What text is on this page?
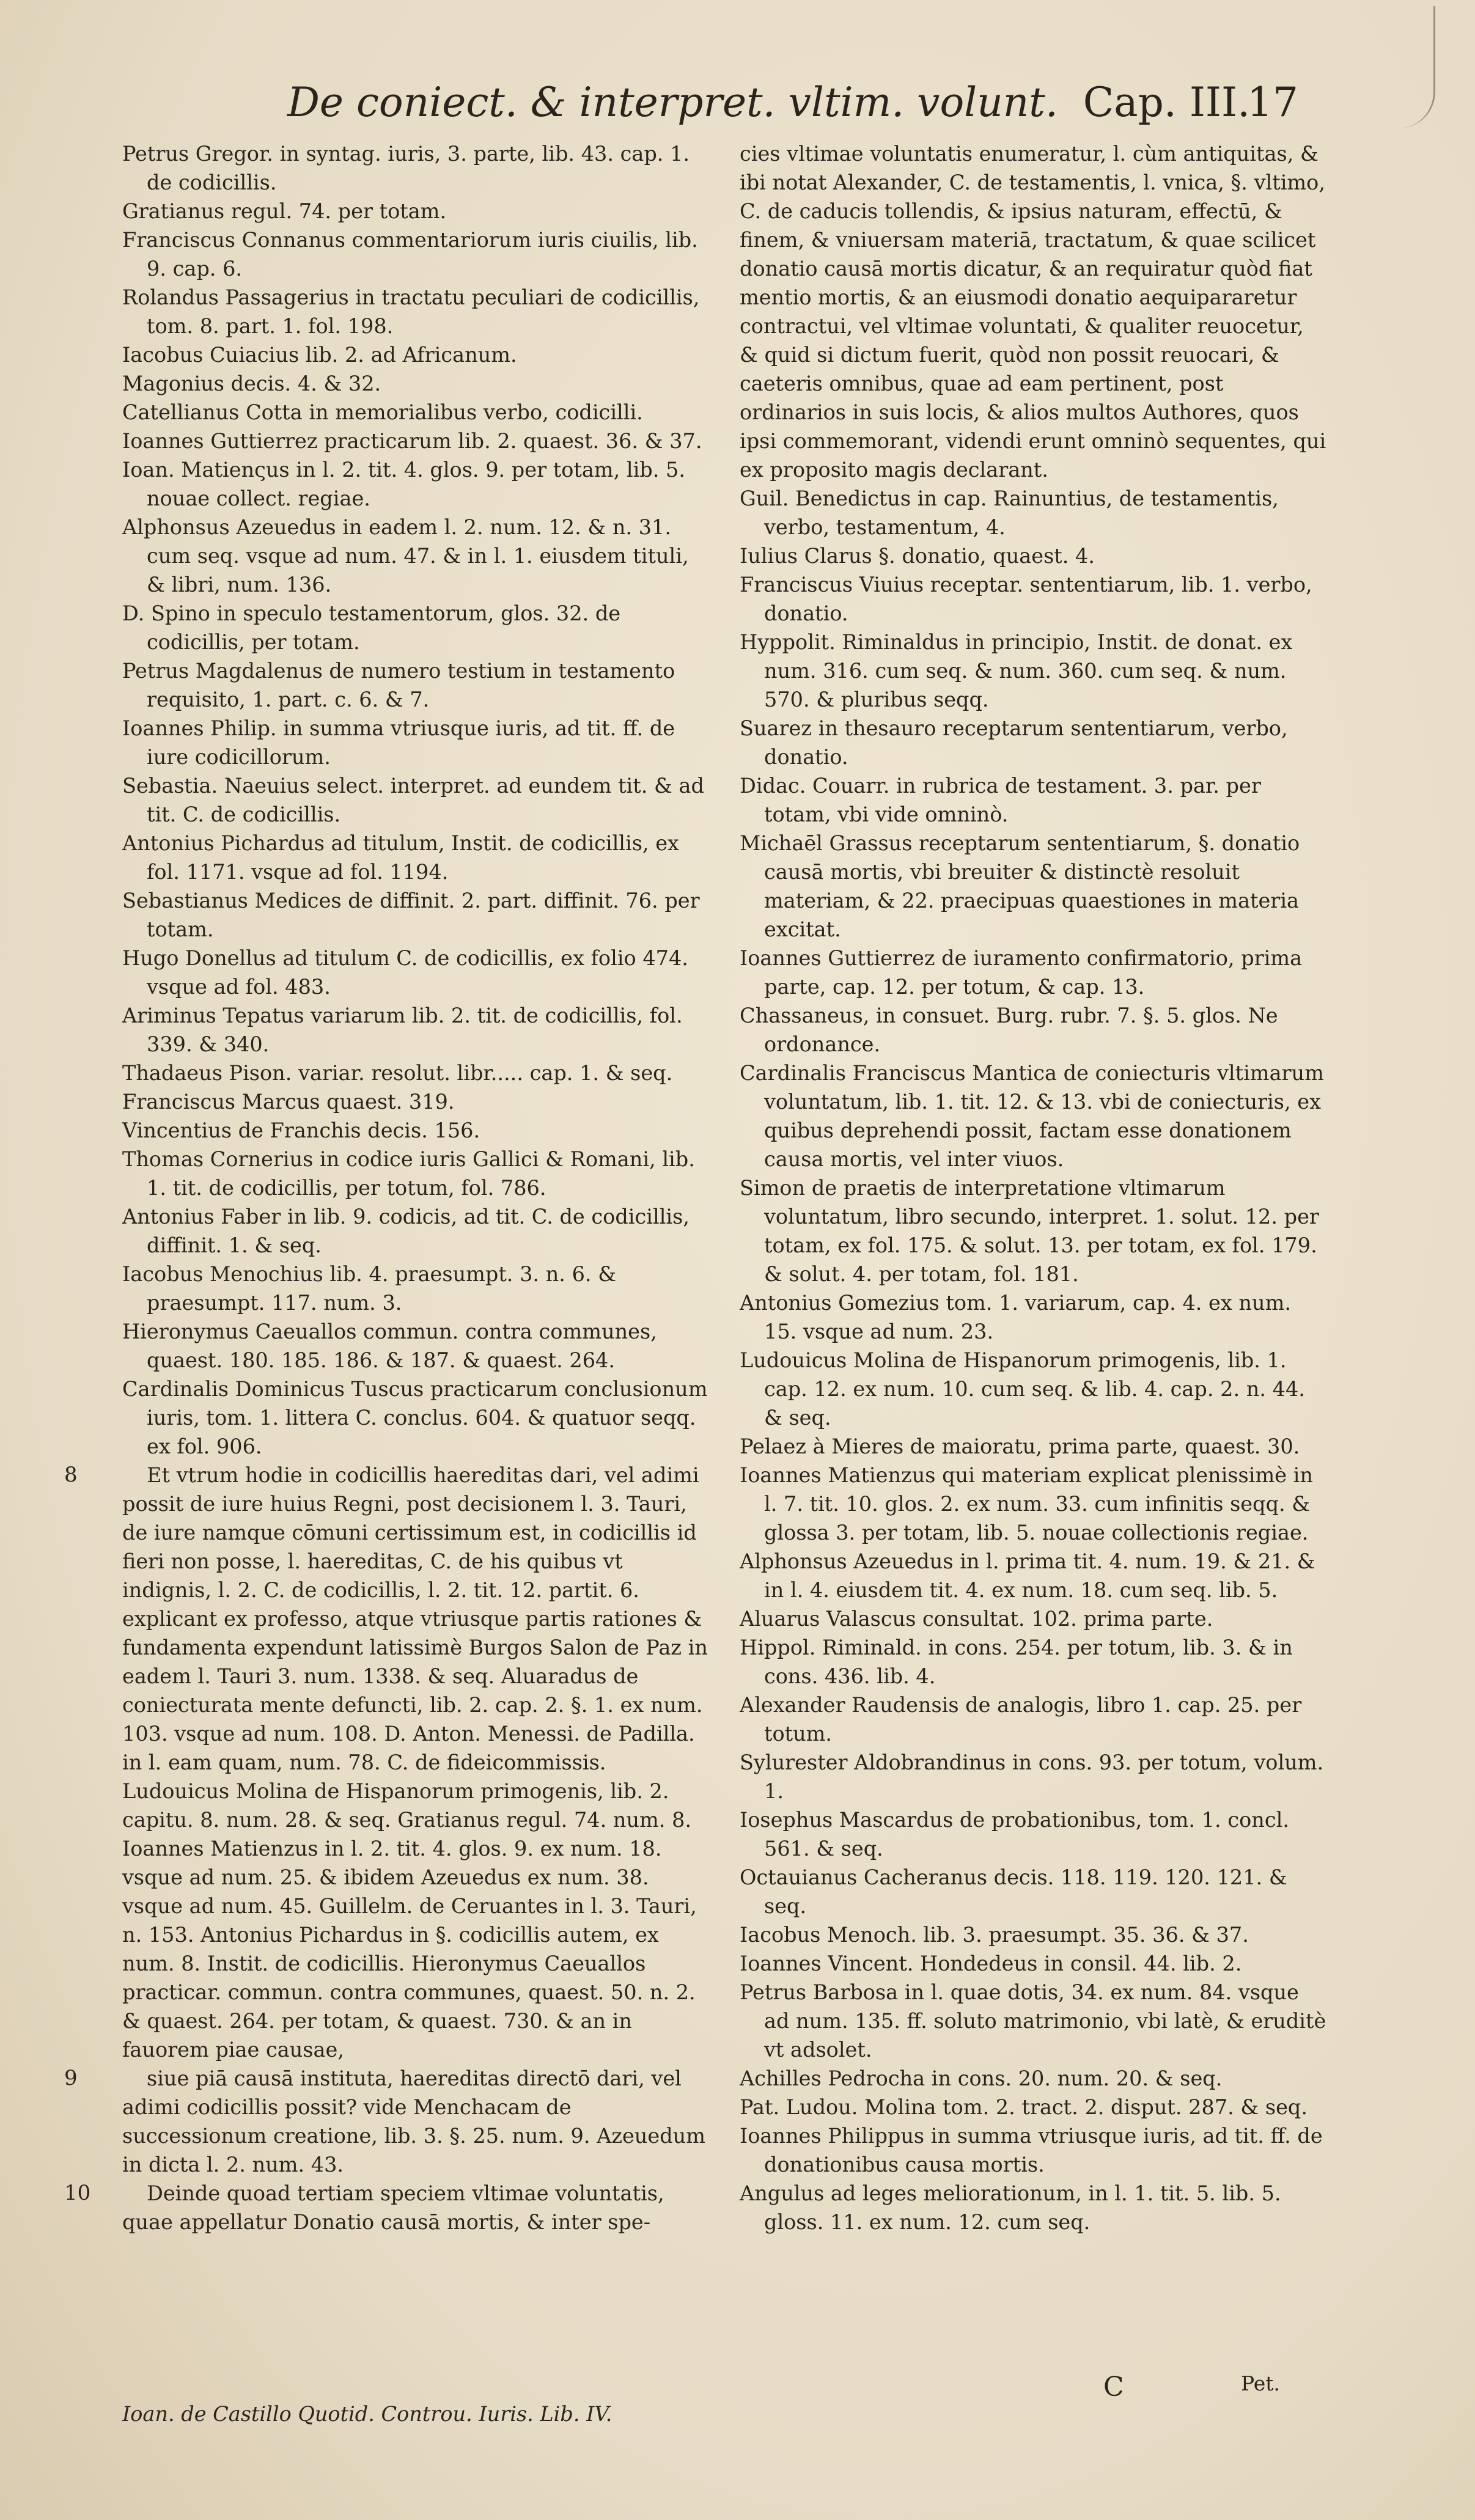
De coniect. & interpret. vltim. volunt. Cap. III.
17

Petrus Gregor. in syntag. iuris, 3. parte, lib. 43. cap. 1. de codicillis.

Gratianus regul. 74. per totam.

Franciscus Connanus commentariorum iuris ciuilis, lib. 9. cap. 6.

Rolandus Passagerius in tractatu peculiari de codicillis, tom. 8. part. 1. fol. 198.

Iacobus Cuiacius lib. 2. ad Africanum.

Magonius decis. 4. & 32.

Catellianus Cotta in memorialibus verbo, codicilli.

Ioannes Guttierrez practicarum lib. 2. quaest. 36. & 37.

Ioan. Matienςus in l. 2. tit. 4. glos. 9. per totam, lib. 5. nouae collect. regiae.

Alphonsus Azeuedus in eadem l. 2. num. 12. & n. 31. cum seq. vsque ad num. 47. & in l. 1. eiusdem tituli, & libri, num. 136.

D. Spino in speculo testamentorum, glos. 32. de codicillis, per totam.

Petrus Magdalenus de numero testium in testamento requisito, 1. part. c. 6. & 7.

Ioannes Philip. in summa vtriusque iuris, ad tit. ff. de iure codicillorum.

Sebastia. Naeuius select. interpret. ad eundem tit. & ad tit. C. de codicillis.

Antonius Pichardus ad titulum, Instit. de codicillis, ex fol. 1171. vsque ad fol. 1194.

Sebastianus Medices de diffinit. 2. part. diffinit. 76. per totam.

Hugo Donellus ad titulum C. de codicillis, ex folio 474. vsque ad fol. 483.

Ariminus Tepatus variarum lib. 2. tit. de codicillis, fol. 339. & 340.

Thadaeus Pison. variar. resolut. libr..... cap. 1. & seq.

Franciscus Marcus quaest. 319.

Vincentius de Franchis decis. 156.

Thomas Cornerius in codice iuris Gallici & Romani, lib. 1. tit. de codicillis, per totum, fol. 786.

Antonius Faber in lib. 9. codicis, ad tit. C. de codicillis, diffinit. 1. & seq.

Iacobus Menochius lib. 4. praesumpt. 3. n. 6. & praesumpt. 117. num. 3.

Hieronymus Caeuallos commun. contra communes, quaest. 180. 185. 186. & 187. & quaest. 264.

Cardinalis Dominicus Tuscus practicarum conclusionum iuris, tom. 1. littera C. conclus. 604. & quatuor seqq. ex fol. 906.

8	Et vtrum hodie in codicillis haereditas dari, vel adimi possit de iure huius Regni, post decisionem l. 3. Tauri, de iure namque cōmuni certissimum est, in codicillis id fieri non posse, l. haereditas, C. de his quibus vt indignis, l. 2. C. de codicillis, l. 2. tit. 12. partit. 6. explicant ex professo, atque vtriusque partis rationes & fundamenta expendunt latissimè Burgos Salon de Paz in eadem l. Tauri 3. num. 1338. & seq. Aluaradus de coniecturata mente defuncti, lib. 2. cap. 2. §. 1. ex num. 103. vsque ad num. 108. D. Anton. Menessi. de Padilla. in l. eam quam, num. 78. C. de fideicommissis. Ludouicus Molina de Hispanorum primogenis, lib. 2. capitu. 8. num. 28. & seq. Gratianus regul. 74. num. 8. Ioannes Matienzus in l. 2. tit. 4. glos. 9. ex num. 18. vsque ad num. 25. & ibidem Azeuedus ex num. 38. vsque ad num. 45. Guillelm. de Ceruantes in l. 3. Tauri, n. 153. Antonius Pichardus in §. codicillis autem, ex num. 8. Instit. de codicillis. Hieronymus Caeuallos practicar. commun. contra communes, quaest. 50. n. 2. & quaest. 264. per totam, & quaest. 730. & an in fauorem piae causae,

9	siue piā causā instituta, haereditas directō dari, vel adimi codicillis possit? vide Menchacam de successionum creatione, lib. 3. §. 25. num. 9. Azeuedum in dicta l. 2. num. 43.

10	Deinde quoad tertiam speciem vltimae voluntatis, quae appellatur Donatio causā mortis, & inter spe-

cies vltimae voluntatis enumeratur, l. cùm antiquitas, & ibi notat Alexander, C. de testamentis, l. vnica, §. vltimo, C. de caducis tollendis, & ipsius naturam, effectū, & finem, & vniuersam materiā, tractatum, & quae scilicet donatio causā mortis dicatur, & an requiratur quòd fiat mentio mortis, & an eiusmodi donatio aequipararetur contractui, vel vltimae voluntati, & qualiter reuocetur, & quid si dictum fuerit, quòd non possit reuocari, & caeteris omnibus, quae ad eam pertinent, post ordinarios in suis locis, & alios multos Authores, quos ipsi commemorant, videndi erunt omninò sequentes, qui ex proposito magis declarant.

Guil. Benedictus in cap. Rainuntius, de testamentis, verbo, testamentum, 4.

Iulius Clarus §. donatio, quaest. 4.

Franciscus Viuius receptar. sententiarum, lib. 1. verbo, donatio.

Hyppolit. Riminaldus in principio, Instit. de donat. ex num. 316. cum seq. & num. 360. cum seq. & num. 570. & pluribus seqq.

Suarez in thesauro receptarum sententiarum, verbo, donatio.

Didac. Couarr. in rubrica de testament. 3. par. per totam, vbi vide omninò.

Michaēl Grassus receptarum sententiarum, §. donatio causā mortis, vbi breuiter & distinctè resoluit materiam, & 22. praecipuas quaestiones in materia excitat.

Ioannes Guttierrez de iuramento confirmatorio, prima parte, cap. 12. per totum, & cap. 13.

Chassaneus, in consuet. Burg. rubr. 7. §. 5. glos. Ne ordonance.

Cardinalis Franciscus Mantica de coniecturis vltimarum voluntatum, lib. 1. tit. 12. & 13. vbi de coniecturis, ex quibus deprehendi possit, factam esse donationem causa mortis, vel inter viuos.

Simon de praetis de interpretatione vltimarum voluntatum, libro secundo, interpret. 1. solut. 12. per totam, ex fol. 175. & solut. 13. per totam, ex fol. 179. & solut. 4. per totam, fol. 181.

Antonius Gomezius tom. 1. variarum, cap. 4. ex num. 15. vsque ad num. 23.

Ludouicus Molina de Hispanorum primogenis, lib. 1. cap. 12. ex num. 10. cum seq. & lib. 4. cap. 2. n. 44. & seq.

Pelaez à Mieres de maioratu, prima parte, quaest. 30.

Ioannes Matienzus qui materiam explicat plenissimè in l. 7. tit. 10. glos. 2. ex num. 33. cum infinitis seqq. & glossa 3. per totam, lib. 5. nouae collectionis regiae.

Alphonsus Azeuedus in l. prima tit. 4. num. 19. & 21. & in l. 4. eiusdem tit. 4. ex num. 18. cum seq. lib. 5.

Aluarus Valascus consultat. 102. prima parte.

Hippol. Riminald. in cons. 254. per totum, lib. 3. & in cons. 436. lib. 4.

Alexander Raudensis de analogis, libro 1. cap. 25. per totum.

Sylurester Aldobrandinus in cons. 93. per totum, volum. 1.

Iosephus Mascardus de probationibus, tom. 1. concl. 561. & seq.

Octauianus Cacheranus decis. 118. 119. 120. 121. & seq.

Iacobus Menoch. lib. 3. praesumpt. 35. 36. & 37.

Ioannes Vincent. Hondedeus in consil. 44. lib. 2.

Petrus Barbosa in l. quae dotis, 34. ex num. 84. vsque ad num. 135. ff. soluto matrimonio, vbi latè, & eruditè vt adsolet.

Achilles Pedrocha in cons. 20. num. 20. & seq.

Pat. Ludou. Molina tom. 2. tract. 2. disput. 287. & seq.

Ioannes Philippus in summa vtriusque iuris, ad tit. ff. de donationibus causa mortis.

Angulus ad leges meliorationum, in l. 1. tit. 5. lib. 5. gloss. 11. ex num. 12. cum seq.

Ioan. de Castillo Quotid. Controu. Iuris. Lib. IV.
C	Pet.
